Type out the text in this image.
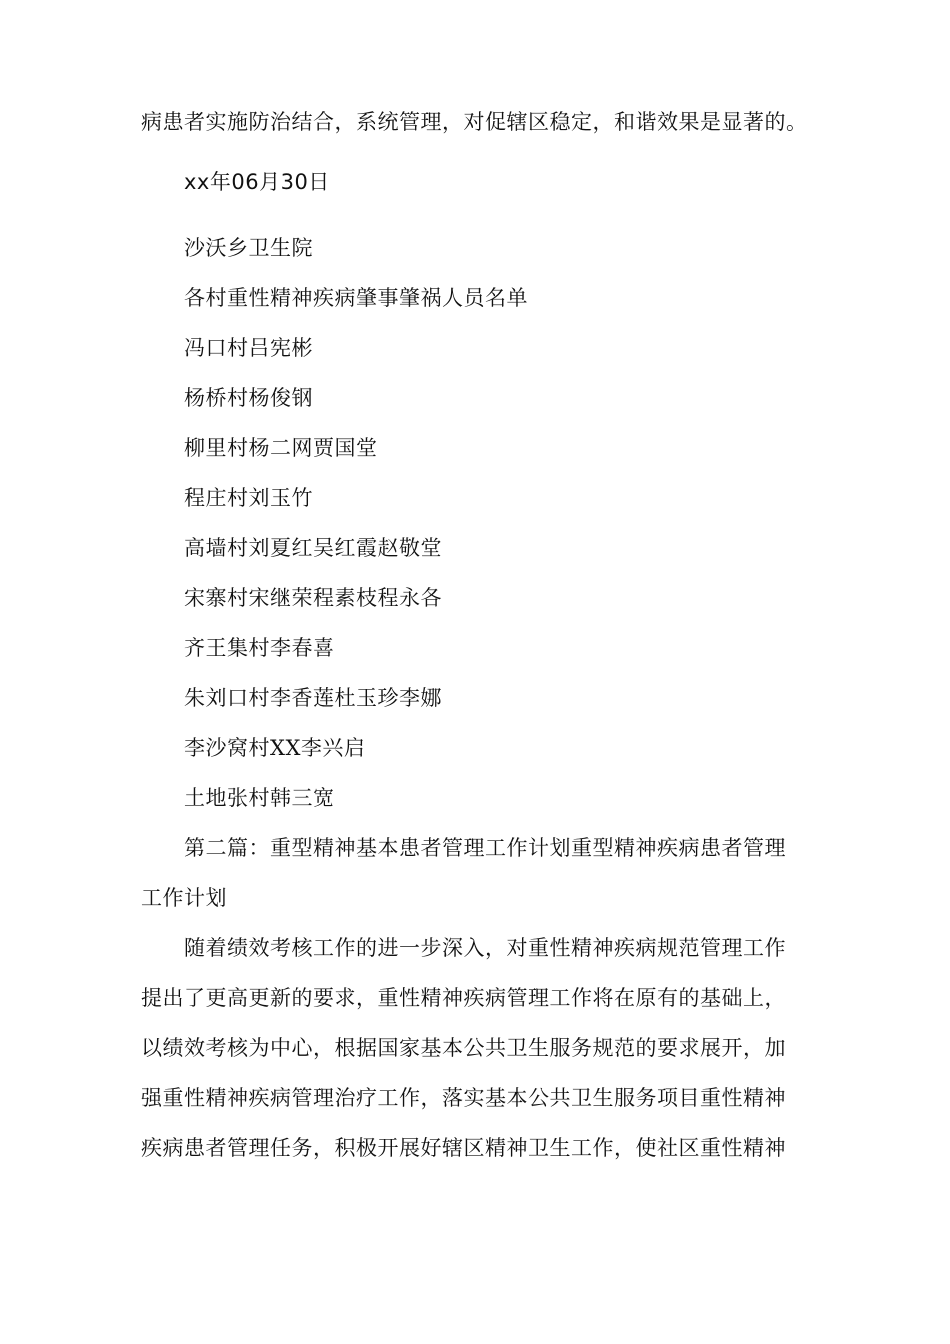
病患者实施防治结合，系统管理，对促辖区稳定，和谐效果是显著的。
xx年06月30日
沙沃乡卫生院
各村重性精神疾病肇事肇祸人员名单
冯口村吕宪彬
杨桥村杨俊钢
柳里村杨二网贾国堂
程庄村刘玉竹
高墙村刘夏红吴红霞赵敬堂
宋寨村宋继荣程素枝程永各
齐王集村李春喜
朱刘口村李香莲杜玉珍李娜
李沙窝村XX李兴启
土地张村韩三宽
第二篇：重型精神基本患者管理工作计划重型精神疾病患者管理
工作计划
随着绩效考核工作的进一步深入，对重性精神疾病规范管理工作
提出了更高更新的要求，重性精神疾病管理工作将在原有的基础上，
以绩效考核为中心，根据国家基本公共卫生服务规范的要求展开，加
强重性精神疾病管理治疗工作，落实基本公共卫生服务项目重性精神
疾病患者管理任务，积极开展好辖区精神卫生工作，使社区重性精神
